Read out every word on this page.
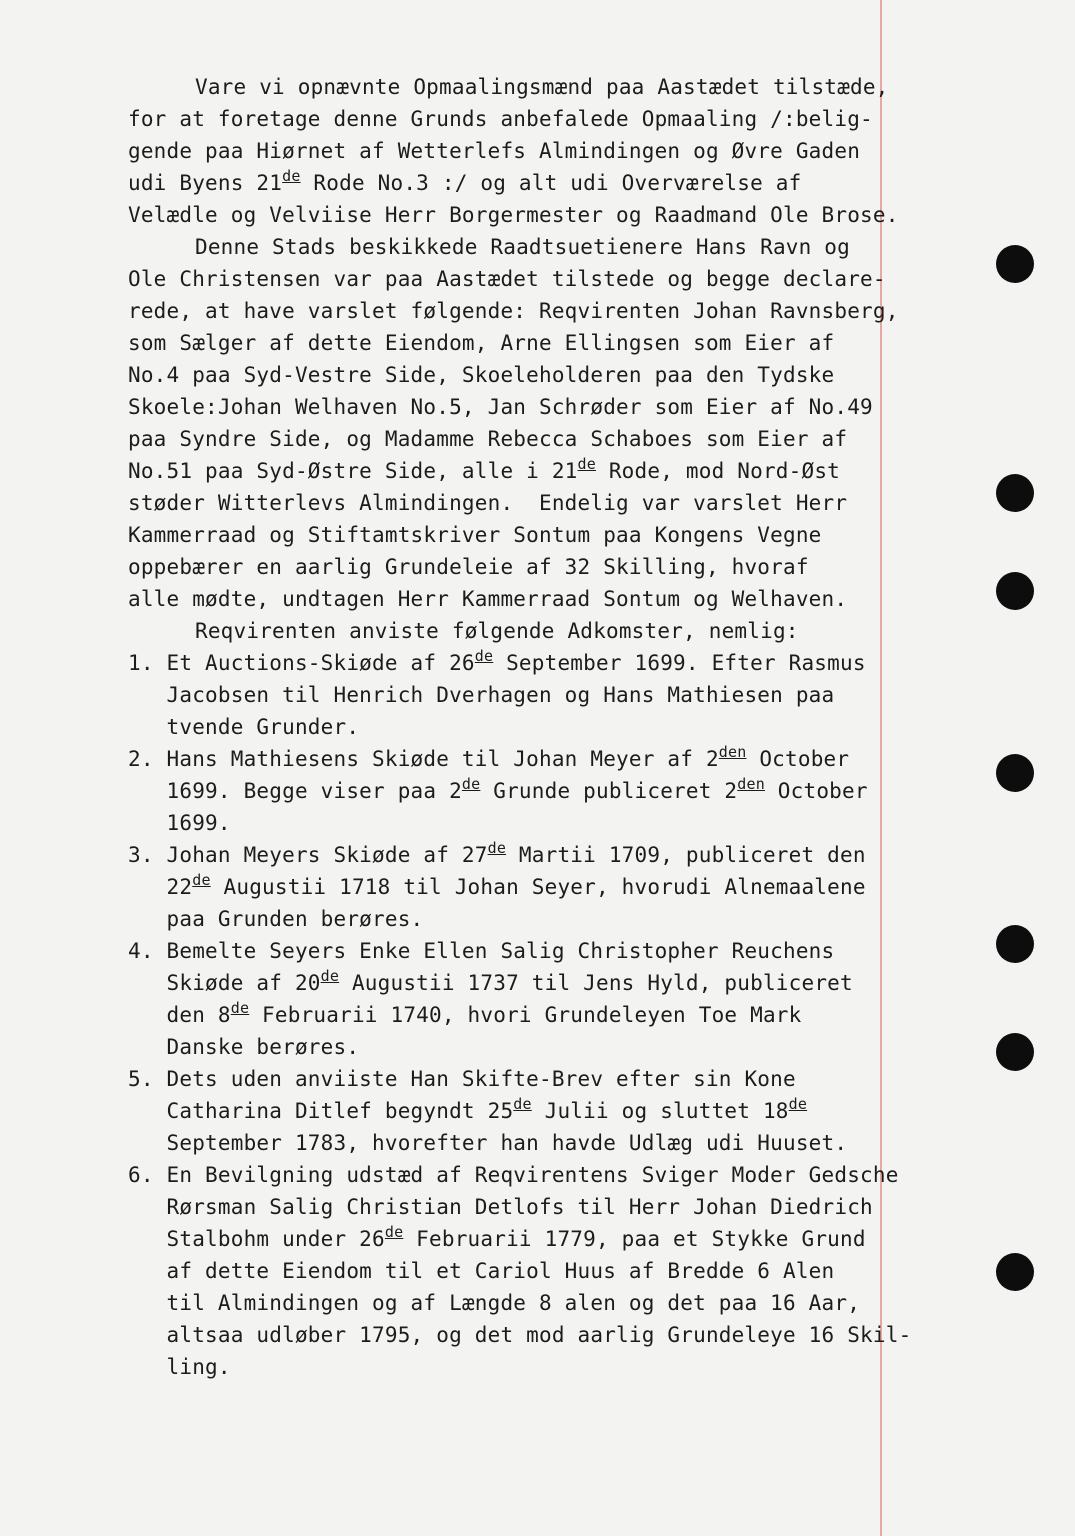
Vare vi opnævnte Opmaalingsmænd paa Aastædet tilstæde,
for at foretage denne Grunds anbefalede Opmaaling /:belig-
gende paa Hiørnet af Wetterlefs Almindingen og Øvre Gaden
udi Byens 21de Rode No.3 :/ og alt udi Overværelse af
Velædle og Velviise Herr Borgermester og Raadmand Ole Brose.
Denne Stads beskikkede Raadtsuetienere Hans Ravn og
Ole Christensen var paa Aastædet tilstede og begge declare-
rede, at have varslet følgende: Reqvirenten Johan Ravnsberg,
som Sælger af dette Eiendom, Arne Ellingsen som Eier af
No.4 paa Syd-Vestre Side, Skoeleholderen paa den Tydske
Skoele:Johan Welhaven No.5, Jan Schrøder som Eier af No.49
paa Syndre Side, og Madamme Rebecca Schaboes som Eier af
No.51 paa Syd-Østre Side, alle i 21de Rode, mod Nord-Øst
støder Witterlevs Almindingen.  Endelig var varslet Herr
Kammerraad og Stiftamtskriver Sontum paa Kongens Vegne
oppebærer en aarlig Grundeleie af 32 Skilling, hvoraf
alle mødte, undtagen Herr Kammerraad Sontum og Welhaven.
Reqvirenten anviste følgende Adkomster, nemlig:
1. Et Auctions-Skiøde af 26de September 1699. Efter Rasmus
Jacobsen til Henrich Dverhagen og Hans Mathiesen paa
tvende Grunder.
2. Hans Mathiesens Skiøde til Johan Meyer af $2^{den}$ October
1699. Begge viser paa 2de Grunde publiceret $2^{den}$ October
1699.
3. Johan Meyers Skiøde af 27de Martii 1709, publiceret den
22de Augustii 1718 til Johan Seyer, hvorudi Alnemaalene
paa Grunden berøres.
4. Bemelte Seyers Enke Ellen Salig Christopher Reuchens
Skiøde af 20de Augustii 1737 til Jens Hyld, publiceret
den 8de Februarii 1740, hvori Grundeleyen Toe Mark
Danske berøres.
5. Dets uden anviiste Han Skifte-Brev efter sin Kone
Catharina Ditlef begyndt 25de Julii og sluttet 18de
September 1783, hvorefter han havde Udlæg udi Huuset.
6. En Bevilgning udstæd af Reqvirentens Sviger Moder Gedsche
Rørsman Salig Christian Detlofs til Herr Johan Diedrich
Stalbohm under 26de Februarii 1779, paa et Stykke Grund
af dette Eiendom til et Cariol Huus af Bredde 6 Alen
til Almindingen og af Længde 8 alen og det paa 16 Aar,
altsaa udløber 1795, og det mod aarlig Grundeleye 16 Skil-
ling.
